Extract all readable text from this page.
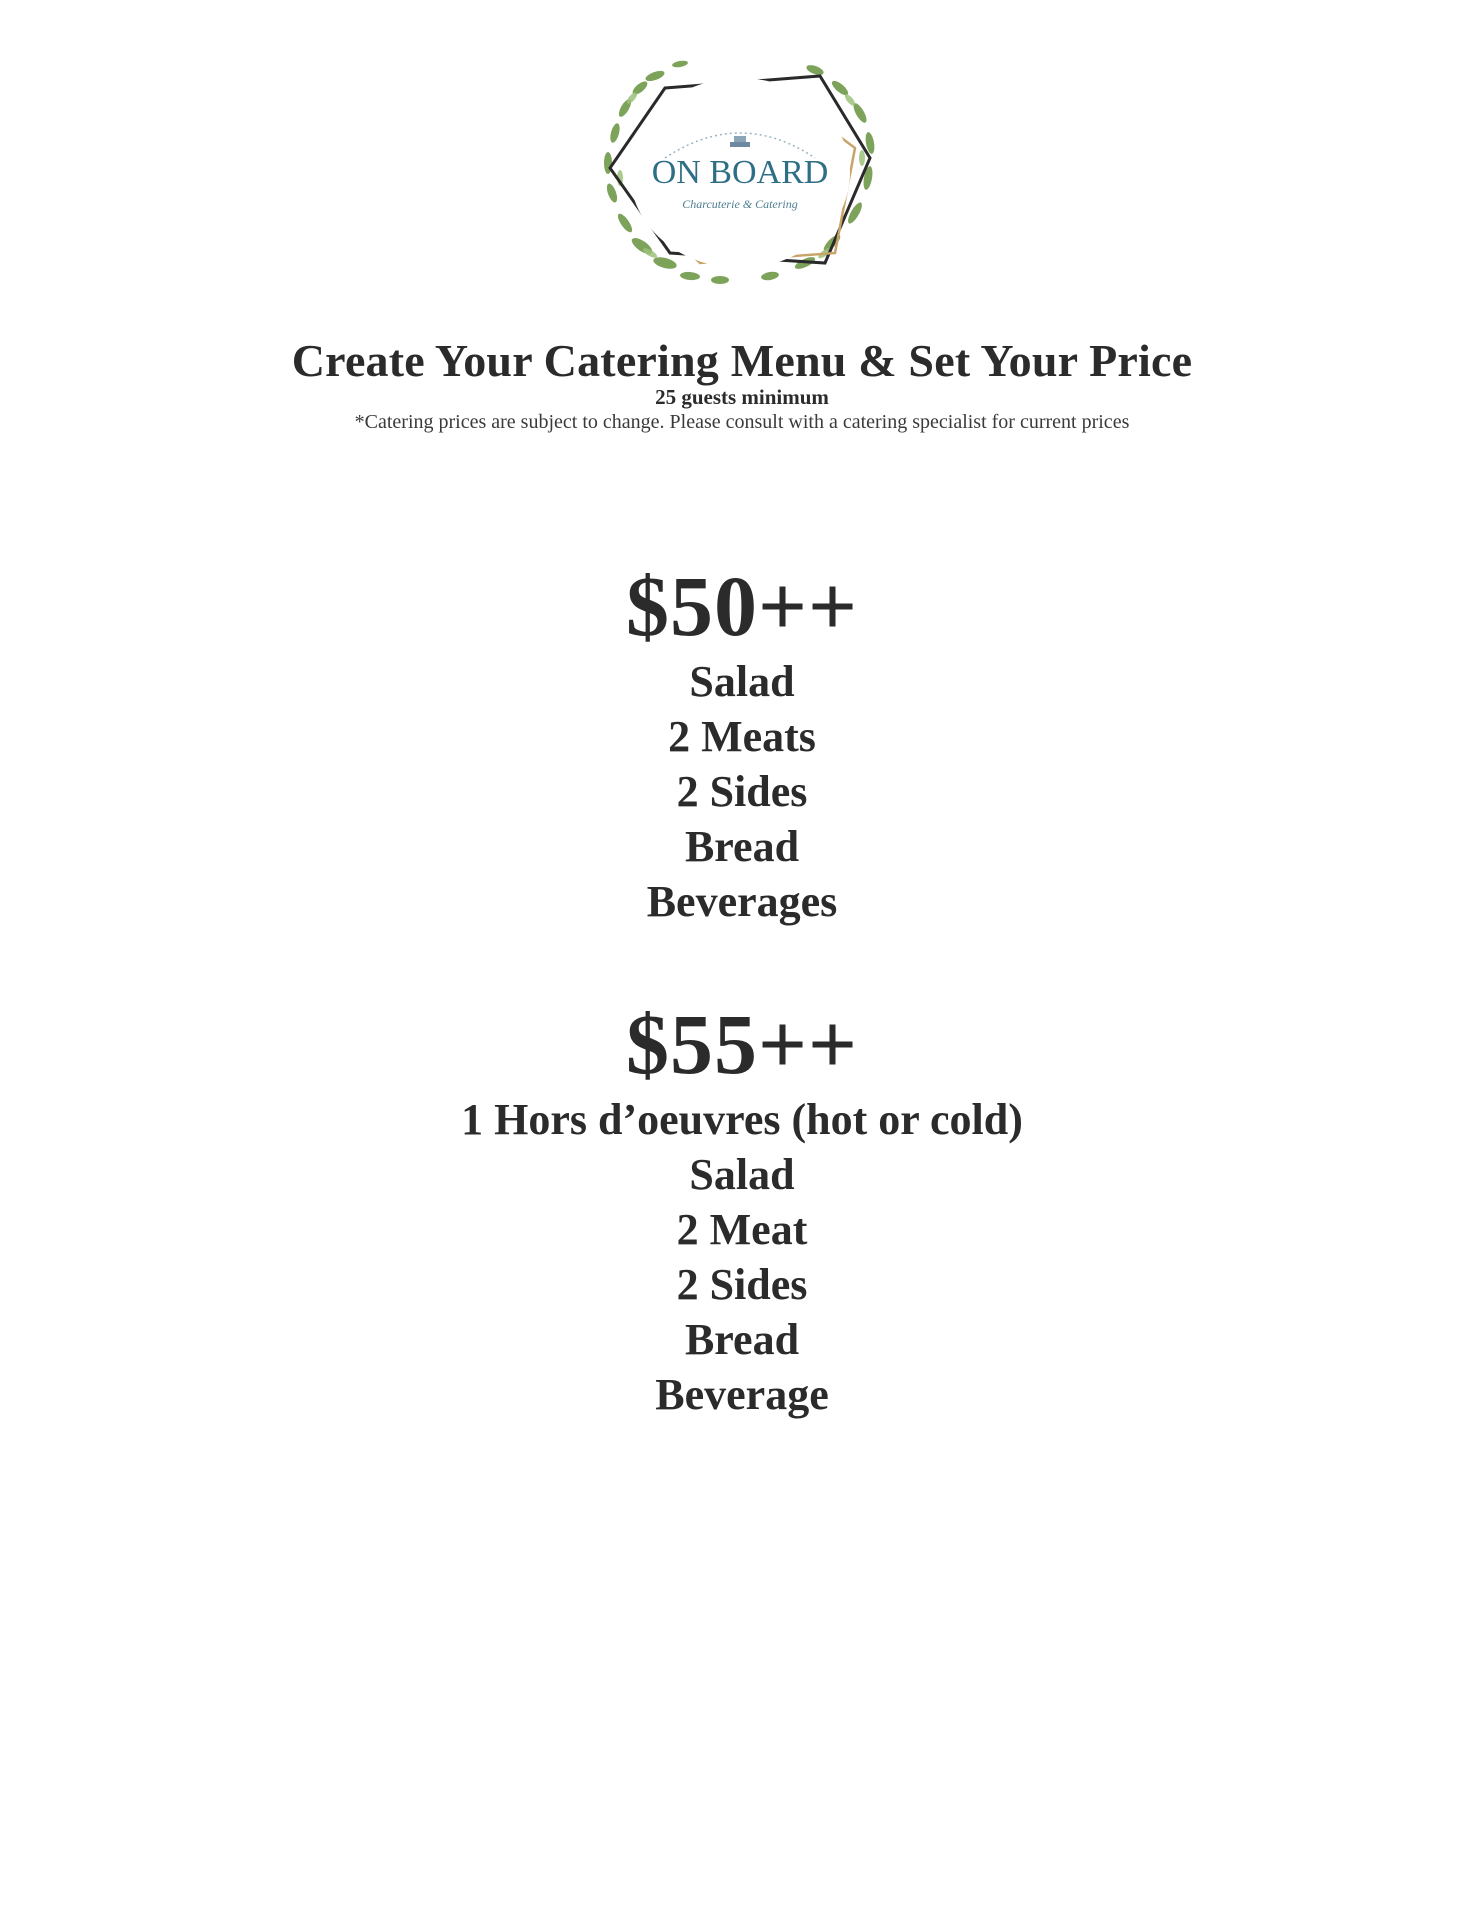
ON BOARD
Charcuterie & Catering
Create Your Catering Menu & Set Your Price
25 guests minimum
*Catering prices are subject to change. Please consult with a catering specialist for current prices
$50++
Salad
2 Meats
2 Sides
Bread
Beverages
$55++
1 Hors d’oeuvres (hot or cold)
Salad
2 Meat
2 Sides
Bread
Beverage
